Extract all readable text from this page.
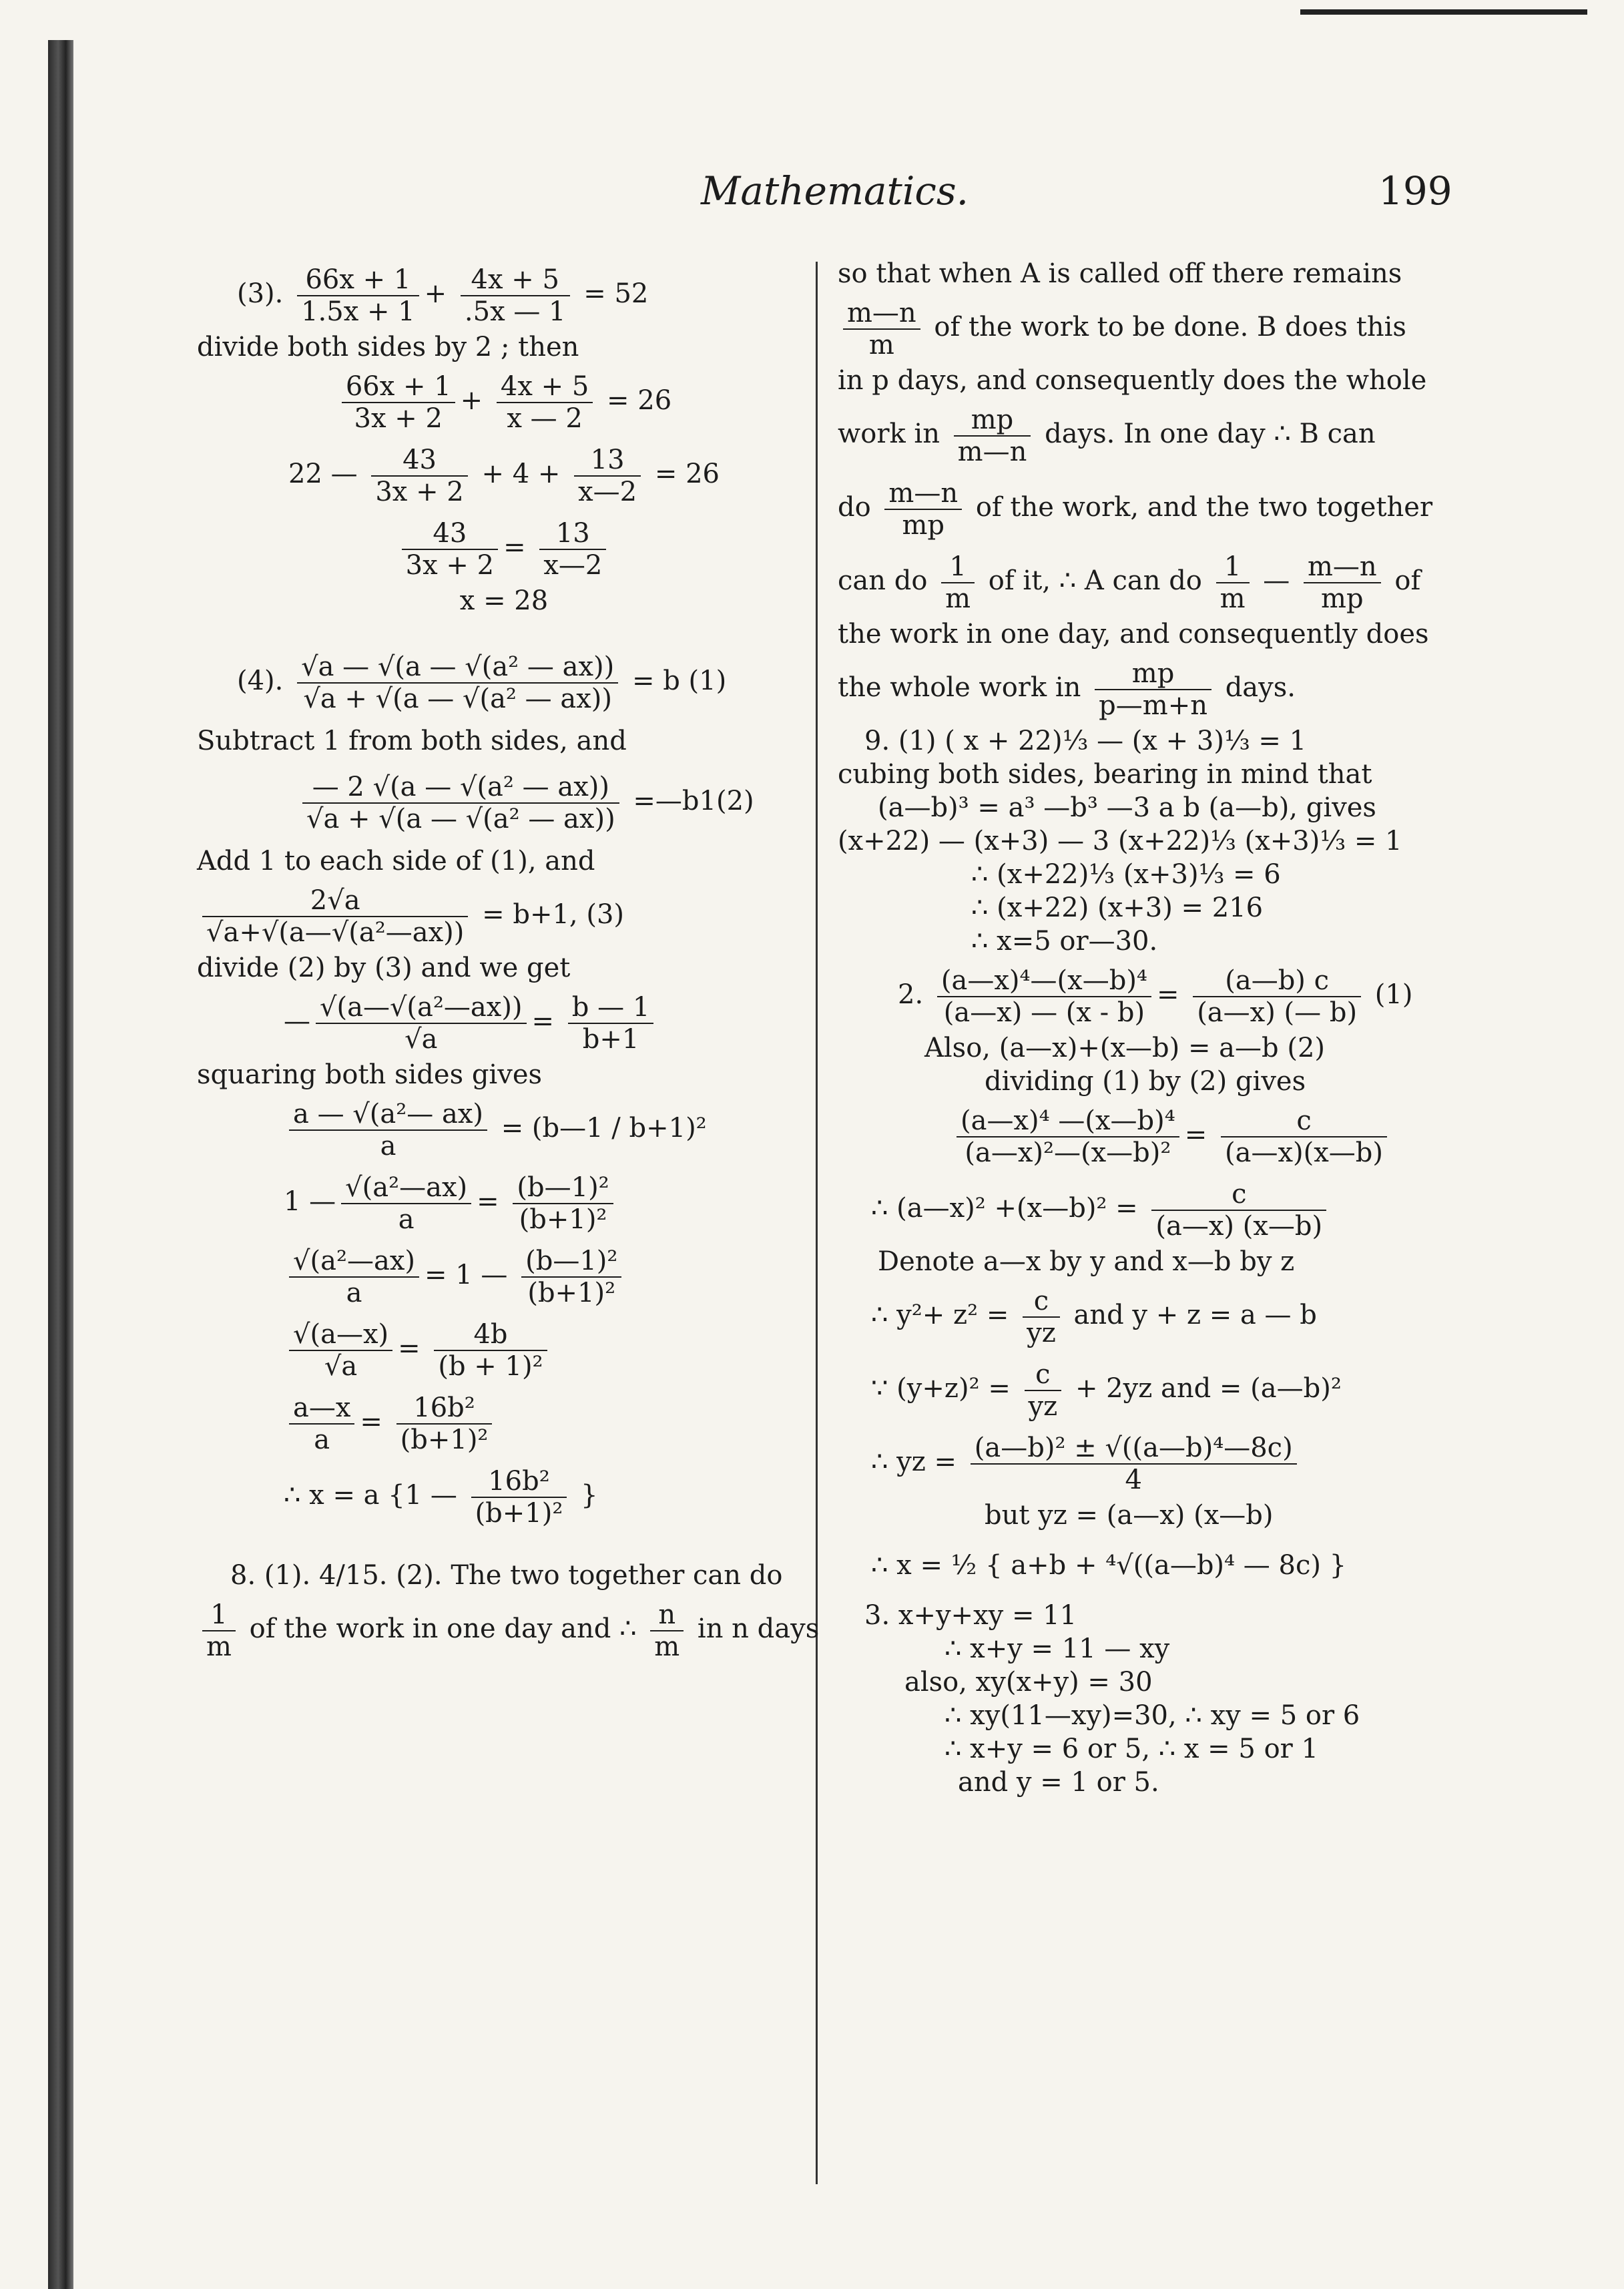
Mathematics.	199
(3). $\frac{66x + 1}{1.5x + 1} + \frac{4x + 5}{.5x — 1} = 52$
divide both sides by 2 ; then
$\frac{66x + 1}{3x + 2} + \frac{4x + 5}{x — 2} = 26$
22 — $\frac{43}{3x + 2} + 4 + \frac{13}{x—2} = 26$
$\frac{43}{3x + 2} = \frac{13}{x—2}$
x = 28
(4). $\frac{\text{√a — √(a — √(a² — ax))}}{\text{√a + √(a — √(a² — ax))}} = b$ (1)
Subtract 1 from both sides, and
$\frac{\text{— 2 √(a — √(a² — ax))}}{\text{√a + √(a — √(a² — ax))}}$ =—b1(2)
Add 1 to each side of (1), and
$\frac{2√a}{\text{√a+√(a—√(a²—ax))}} = b+1$, (3)
divide (2) by (3) and we get
— $\frac{\text{√(a—√(a²—ax))}}{√a} = \frac{b — 1}{b+1}$
squaring both sides gives
$\frac{\text{a — √(a²— ax)}}{a}$ = (b—1 / b+1)²
1 — $\frac{\text{√(a²—ax)}}{a} = \frac{\text{(b—1)²}}{\text{(b+1)²}}$
$\frac{\text{√(a²—ax)}}{a} = 1$ — $\frac{\text{(b—1)²}}{\text{(b+1)²}}$
$\frac{√(a—x)}{√a} = \frac{4b}{\text{(b + 1)²}}$
$\frac{a—x}{a} = \frac{\text{16b²}}{\text{(b+1)²}}$
∴ x = a {1 — $\frac{\text{16b²}}{\text{(b+1)²}}$ }
8. (1). 4/15. (2). The two together can do
$\frac{1}{m}$ of the work in one day and ∴ $\frac{n}{m}$ in n days
so that when A is called off there remains
$\frac{m—n}{m}$ of the work to be done. B does this
in p days, and consequently does the whole
work in $\frac{mp}{m—n}$ days. In one day ∴ B can
do $\frac{m—n}{mp}$ of the work, and the two together
can do $\frac{1}{m}$ of it, ∴ A can do $\frac{1}{m}$ — $\frac{m—n}{mp}$ of
the work in one day, and consequently does
the whole work in $\frac{mp}{p—m+n}$ days.
9. (1) ( x + 22)⅓ — (x + 3)⅓ = 1
cubing both sides, bearing in mind that
(a—b)³ = a³ —b³ —3 a b (a—b), gives
(x+22) — (x+3) — 3 (x+22)⅓ (x+3)⅓ = 1
∴ (x+22)⅓ (x+3)⅓ = 6
∴ (x+22) (x+3) = 216
∴ x=5 or—30.
2. $\frac{\text{(a—x)⁴—(x—b)⁴}}{(a—x) — (x - b)} = \frac{(a—b) c}{(a—x) (— b)} (1)$
Also, (a—x)+(x—b) = a—b (2)
dividing (1) by (2) gives
$\frac{\text{(a—x)⁴ —(x—b)⁴}}{\text{(a—x)²—(x—b)²}} = \frac{c}{(a—x)(x—b)}$
∴ (a—x)² +(x—b)² = $\frac{c}{(a—x) (x—b)}$
Denote a—x by y and x—b by z
∴ $y^2+ z^2 = \frac{c}{yz}$ and y + z = a — b
∵ $(y+z)^2 = \frac{c}{yz} + 2yz$ and = (a—b)²
∴ yz = $\frac{\text{(a—b)² ± √((a—b)⁴—8c)}}{4}$
but yz = (a—x) (x—b)
∴ x = ½ { a+b + ⁴√((a—b)⁴ — 8c) }
3. x+y+xy = 11
∴ x+y = 11 — xy
also, xy(x+y) = 30
∴ xy(11—xy)=30, ∴ xy = 5 or 6
∴ x+y = 6 or 5, ∴ x = 5 or 1
and y = 1 or 5.
